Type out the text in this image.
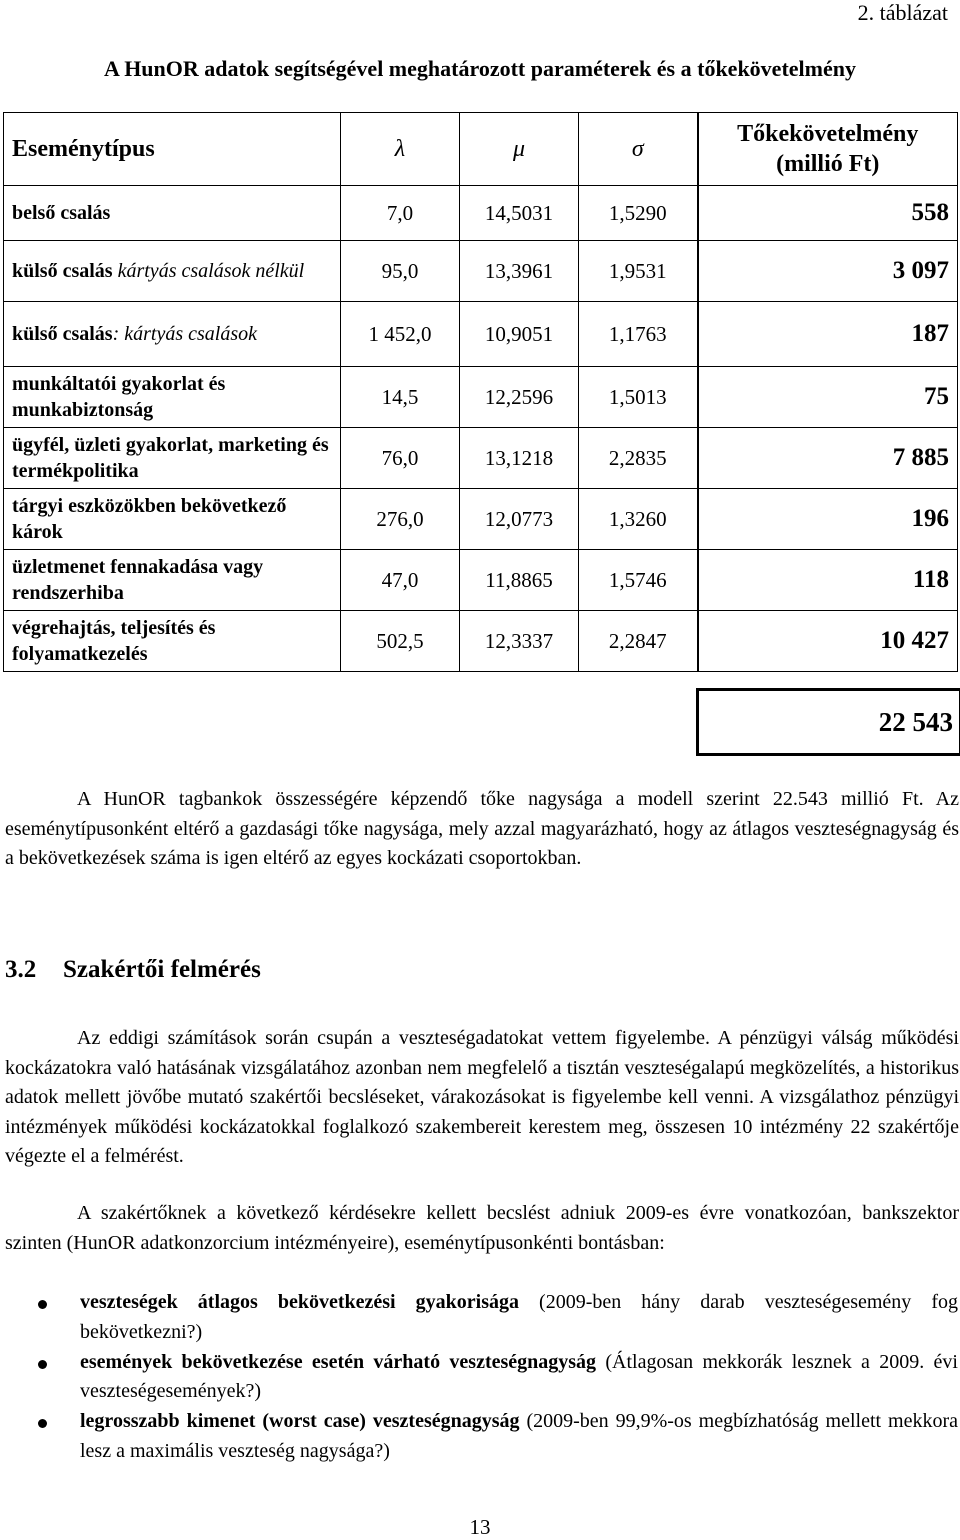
2. táblázat
A HunOR adatok segítségével meghatározott paraméterek és a tőkekövetelmény
Eseménytípus	λ	μ	σ	Tőkekövetelmény
(millió Ft)
belső csalás	7,0	14,5031	1,5290	558
külső csalás kártyás csalások nélkül	95,0	13,3961	1,9531	3 097
külső csalás: kártyás csalások	1 452,0	10,9051	1,1763	187
munkáltatói gyakorlat és munkabiztonság	14,5	12,2596	1,5013	75
ügyfél, üzleti gyakorlat, marketing és termékpolitika	76,0	13,1218	2,2835	7 885
tárgyi eszközökben bekövetkező károk	276,0	12,0773	1,3260	196
üzletmenet fennakadása vagy rendszerhiba	47,0	11,8865	1,5746	118
végrehajtás, teljesítés és folyamatkezelés	502,5	12,3337	2,2847	10 427
22 543
A HunOR tagbankok összességére képzendő tőke nagysága a modell szerint 22.543 millió Ft. Az eseménytípusonként eltérő a gazdasági tőke nagysága, mely azzal magyarázható, hogy az átlagos veszteségnagyság és a bekövetkezések száma is igen eltérő az egyes kockázati csoportokban.
3.2 Szakértői felmérés
Az eddigi számítások során csupán a veszteségadatokat vettem figyelembe. A pénzügyi válság működési kockázatokra való hatásának vizsgálatához azonban nem megfelelő a tisztán veszteségalapú megközelítés, a historikus adatok mellett jövőbe mutató szakértői becsléseket, várakozásokat is figyelembe kell venni. A vizsgálathoz pénzügyi intézmények működési kockázatokkal foglalkozó szakembereit kerestem meg, összesen 10 intézmény 22 szakértője végezte el a felmérést.
A szakértőknek a következő kérdésekre kellett becslést adniuk 2009-es évre vonatkozóan, bankszektor szinten (HunOR adatkonzorcium intézményeire), eseménytípusonkénti bontásban:
veszteségek átlagos bekövetkezési gyakorisága (2009-ben hány darab veszteségesemény fog bekövetkezni?)
események bekövetkezése esetén várható veszteségnagyság (Átlagosan mekkorák lesznek a 2009. évi veszteségesemények?)
legrosszabb kimenet (worst case) veszteségnagyság (2009-ben 99,9%-os megbízhatóság mellett mekkora lesz a maximális veszteség nagysága?)
13
